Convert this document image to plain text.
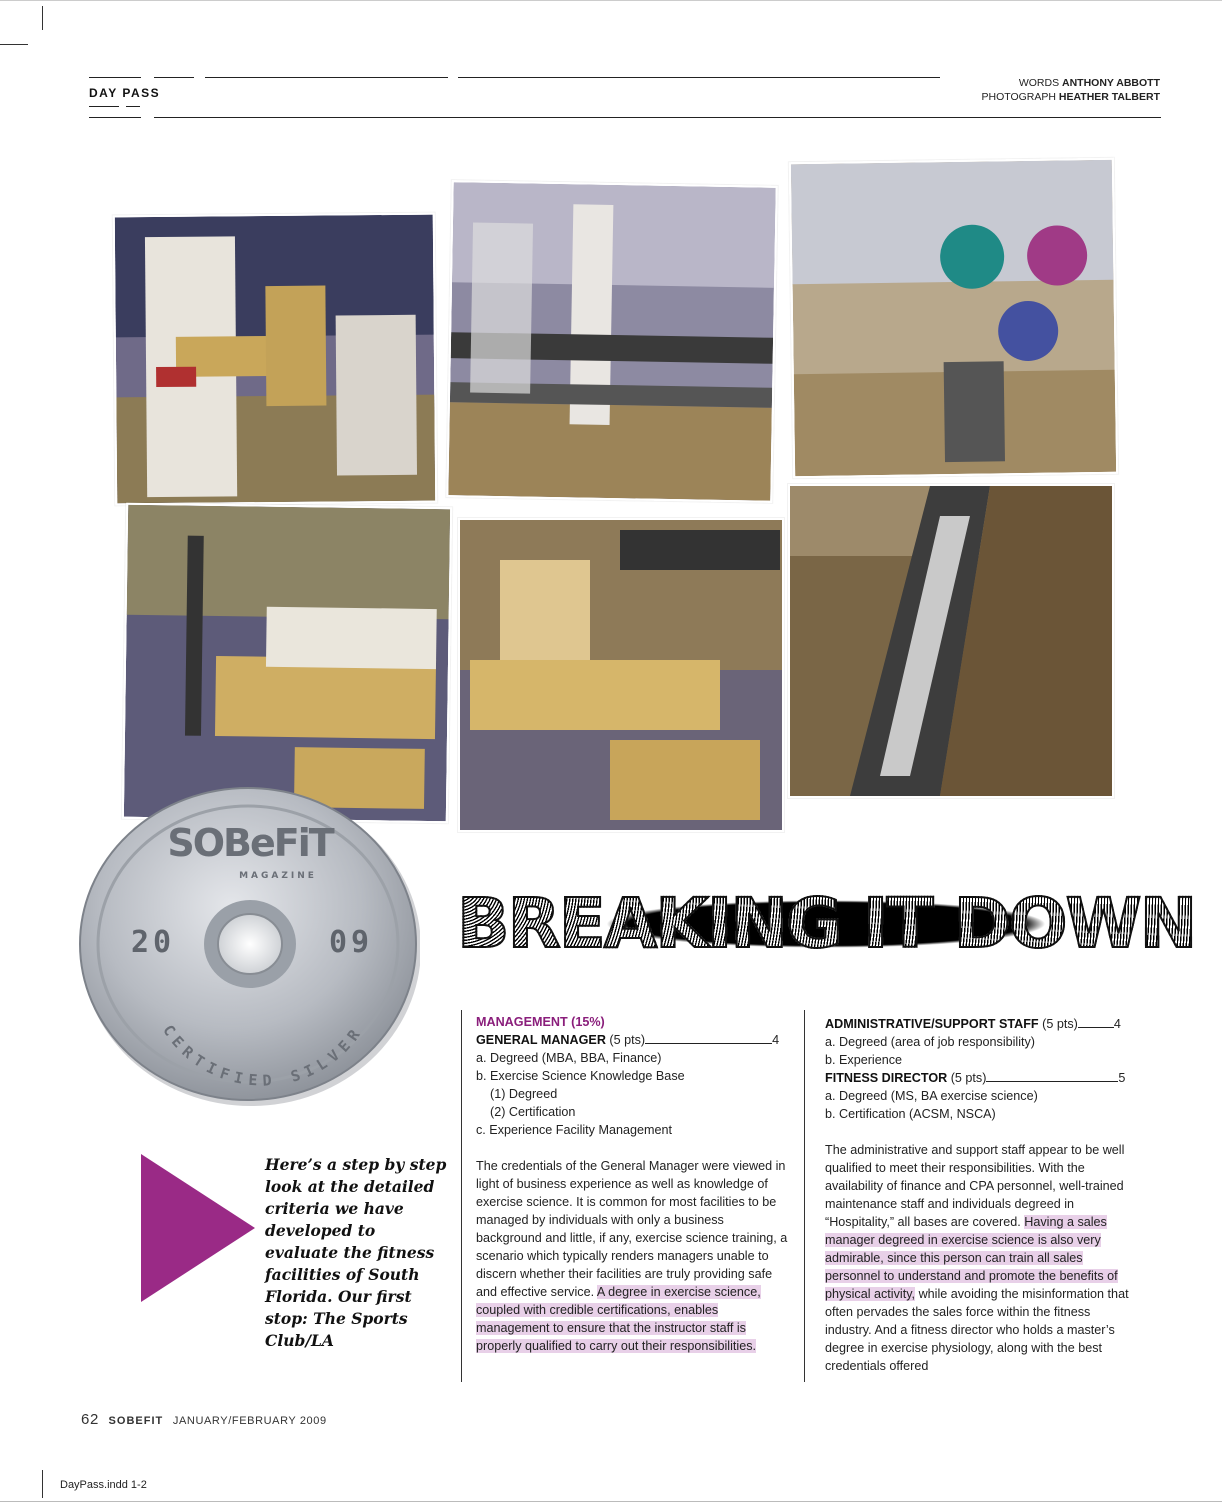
DAY PASS
WORDS ANTHONY ABBOTT
PHOTOGRAPH HEATHER TALBERT
SOBeFiT
MAGAZINE
20	09
CERTIFIED SILVER
BREAKING IT DOWN
Here’s a step by step look at the detailed criteria we have developed to evaluate the fitness facilities of South Florida. Our first stop: The Sports Club/LA

MANAGEMENT (15%)

GENERAL MANAGER (5 pts)	4

a. Degreed (MBA, BBA, Finance)

b. Exercise Science Knowledge Base

(1) Degreed

(2) Certification

c. Experience Facility Management

The credentials of the General Manager were viewed in light of business experience as well as knowledge of exercise science. It is common for most facilities to be managed by individuals with only a business background and little, if any, exercise science training, a scenario which typically renders managers unable to discern whether their facilities are truly providing safe and effective service. A degree in exercise science, coupled with credible certifications, enables management to ensure that the instructor staff is properly qualified to carry out their responsibilities.

ADMINISTRATIVE/SUPPORT STAFF (5 pts)	4

a. Degreed (area of job responsibility)

b. Experience

FITNESS DIRECTOR (5 pts)	5

a. Degreed (MS, BA exercise science)

b. Certification (ACSM, NSCA)

The administrative and support staff appear to be well qualified to meet their responsibilities. With the availability of finance and CPA personnel, well-trained maintenance staff and individuals degreed in “Hospitality,” all bases are covered. Having a sales manager degreed in exercise science is also very admirable, since this person can train all sales personnel to understand and promote the benefits of physical activity, while avoiding the misinformation that often pervades the sales force within the fitness industry. And a fitness director who holds a master’s degree in exercise physiology, along with the best credentials offered

62 SOBEFIT JANUARY/FEBRUARY 2009
DayPass.indd 1-2
